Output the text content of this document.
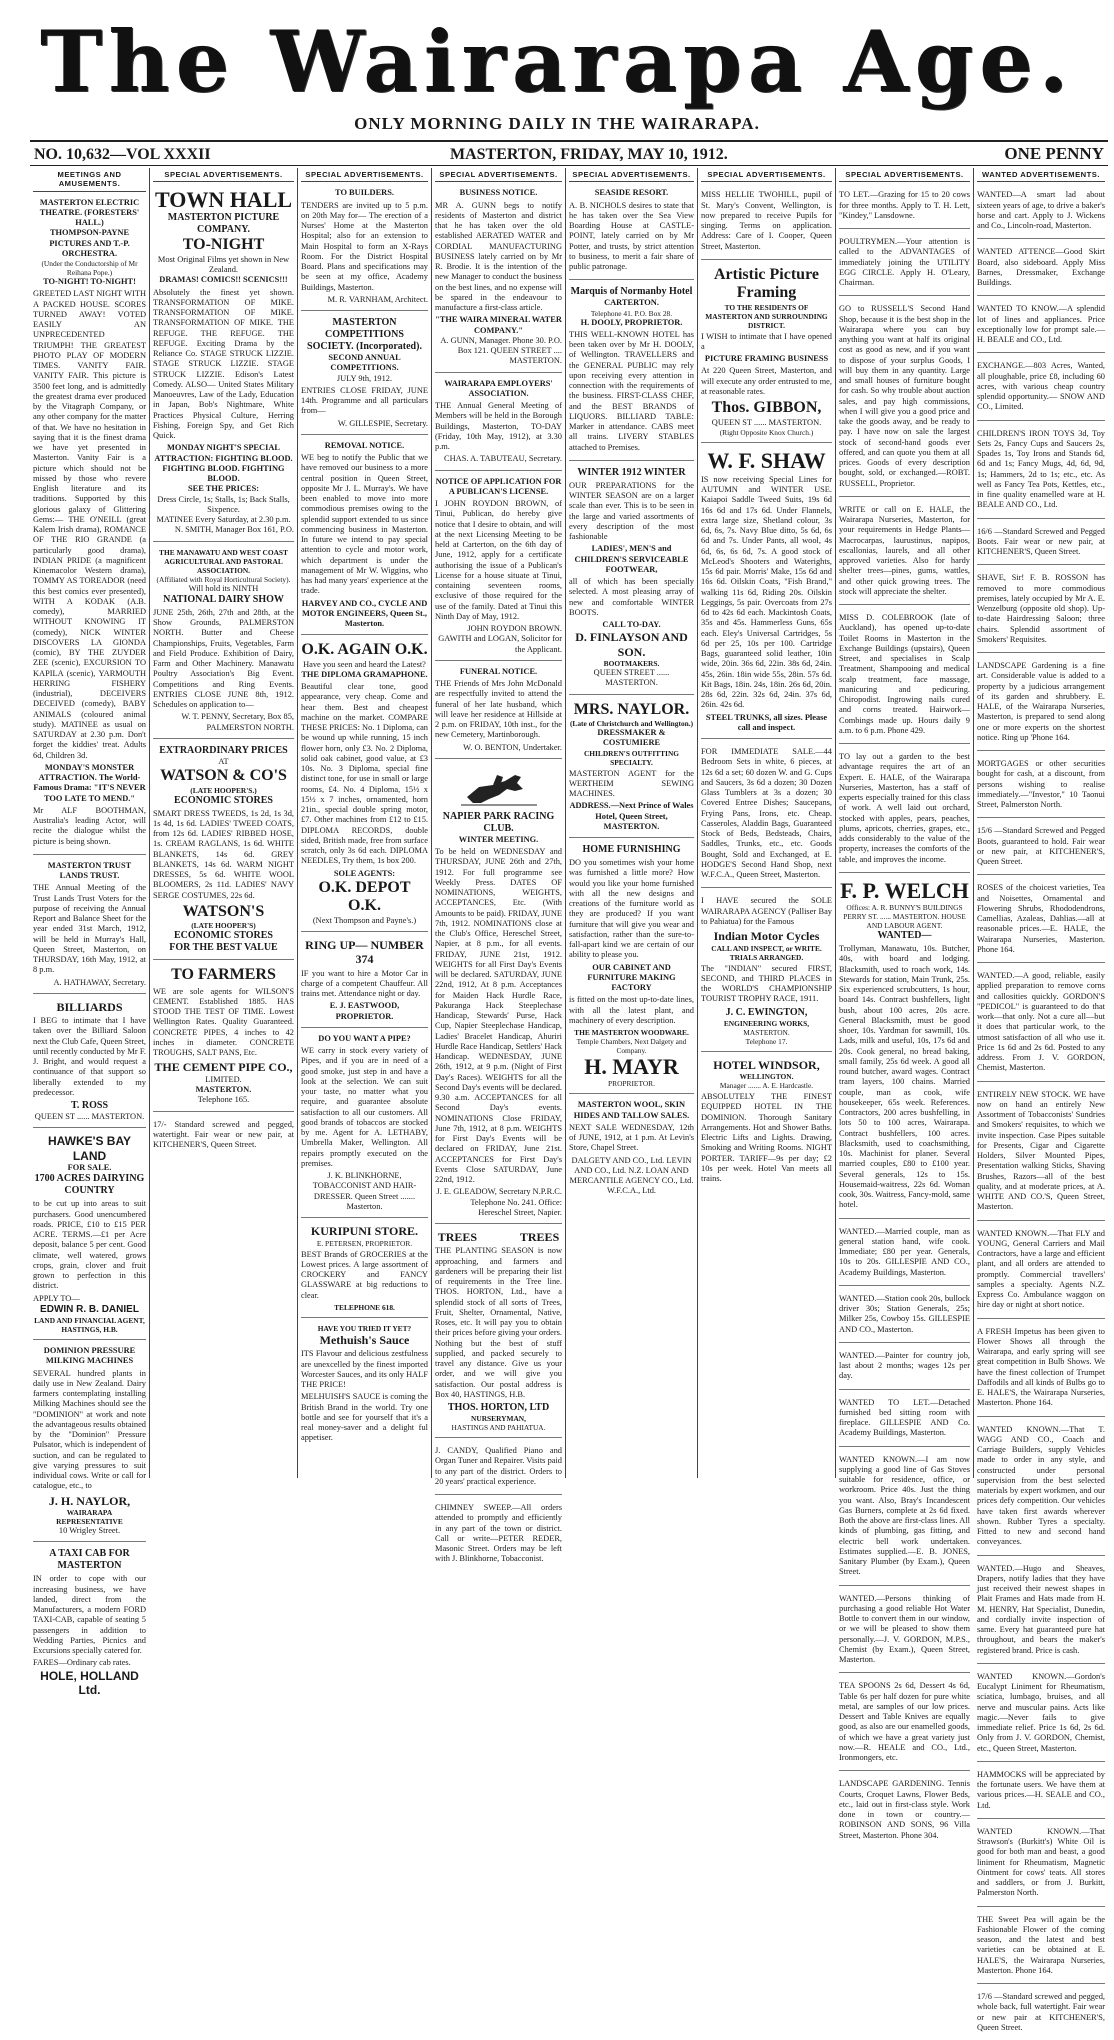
The Wairarapa Age.
ONLY MORNING DAILY IN THE WAIRARAPA.
NO. 10,632—VOL XXXII	MASTERTON, FRIDAY, MAY 10, 1912.	ONE PENNY
MEETINGS AND AMUSEMENTS.
MASTERTON ELECTRIC THEATRE. (FORESTERS' HALL.)
THOMPSON-PAYNE PICTURES AND T.-P. ORCHESTRA.
(Under the Conductorship of Mr Reihana Pope.)
TO-NIGHT! TO-NIGHT!
GREETED LAST NIGHT WITH A PACKED HOUSE. SCORES TURNED AWAY! VOTED EASILY AN UNPRECEDENTED TRIUMPH! THE GREATEST PHOTO PLAY OF MODERN TIMES. VANITY FAIR. VANITY FAIR. This picture is 3500 feet long, and is admittedly the greatest drama ever produced by the Vitagraph Company, or any other company for the matter of that. We have no hesitation in saying that it is the finest drama we have yet presented in Masterton. Vanity Fair is a picture which should not be missed by those who revere English literature and its traditions. Supported by this glorious galaxy of Glittering Gems:— THE O'NEILL (great Kalem Irish drama), ROMANCE OF THE RIO GRANDE (a particularly good drama), INDIAN PRIDE (a magnificent Kinemacolor Western drama), TOMMY AS TOREADOR (need this best comics ever presented), WITH A KODAK (A.B. comedy), MARRIED WITHOUT KNOWING IT (comedy), NICK WINTER DISCOVERS LA GIONDA (comic), BY THE ZUYDER ZEE (scenic), EXCURSION TO KAPILA (scenic), YARMOUTH HERRING FISHERY (industrial), DECEIVERS DECEIVED (comedy), BABY ANIMALS (coloured animal study). MATINEE as usual on SATURDAY at 2.30 p.m. Don't forget the kiddies' treat. Adults 6d, Children 3d.
MONDAY'S MONSTER ATTRACTION. The World-Famous Drama: "IT'S NEVER TOO LATE TO MEND."
Mr ALF BOOTHMAN, Australia's leading Actor, will recite the dialogue whilst the picture is being shown.
MASTERTON TRUST LANDS TRUST.
THE Annual Meeting of the Trust Lands Trust Voters for the purpose of receiving the Annual Report and Balance Sheet for the year ended 31st March, 1912, will be held in Murray's Hall, Queen Street, Masterton, on THURSDAY, 16th May, 1912, at 8 p.m.
A. HATHAWAY, Secretary.
BILLIARDS
I BEG to intimate that I have taken over the Billiard Saloon next the Club Cafe, Queen Street, until recently conducted by Mr F. J. Bright, and would request a continuance of that support so liberally extended to my predecessor.
T. ROSS
QUEEN ST ...... MASTERTON.
HAWKE'S BAY LAND
FOR SALE.
1700 ACRES DAIRYING COUNTRY
to be cut up into areas to suit purchasers. Good unencumbered roads. PRICE, £10 to £15 PER ACRE. TERMS.—£1 per Acre deposit, balance 5 per cent. Good climate, well watered, grows crops, grain, clover and fruit grown to perfection in this district.
APPLY TO—
EDWIN R. B. DANIEL
LAND AND FINANCIAL AGENT,
HASTINGS, H.B.
DOMINION PRESSURE MILKING MACHINES
SEVERAL hundred plants in daily use in New Zealand. Dairy farmers contemplating installing Milking Machines should see the "DOMINION" at work and note the advantageous results obtained by the "Dominion" Pressure Pulsator, which is independent of suction, and can be regulated to give varying pressures to suit individual cows. Write or call for catalogue, etc., to
J. H. NAYLOR,
WAIRARAPA REPRESENTATIVE
10 Wrigley Street.
A TAXI CAB FOR MASTERTON
IN order to cope with our increasing business, we have landed, direct from the Manufacturers, a modern FORD TAXI-CAB, capable of seating 5 passengers in addition to Wedding Parties, Picnics and Excursions specially catered for.
FARES—Ordinary cab rates.
HOLE, HOLLAND Ltd.
SPECIAL ADVERTISEMENTS.
TOWN HALL
MASTERTON PICTURE COMPANY.
TO-NIGHT
Most Original Films yet shown in New Zealand.
DRAMAS! COMICS!! SCENICS!!!
Absolutely the finest yet shown. TRANSFORMATION OF MIKE. TRANSFORMATION OF MIKE. TRANSFORMATION OF MIKE. THE REFUGE. THE REFUGE. THE REFUGE. Exciting Drama by the Reliance Co. STAGE STRUCK LIZZIE. STAGE STRUCK LIZZIE. STAGE STRUCK LIZZIE. Edison's Latest Comedy. ALSO— United States Military Manoeuvres, Law of the Lady, Education in Japan, Bob's Nightmare, White Practices Physical Culture, Herring Fishing, Foreign Spy, and Get Rich Quick.
MONDAY NIGHT'S SPECIAL ATTRACTION: FIGHTING BLOOD. FIGHTING BLOOD. FIGHTING BLOOD.
SEE THE PRICES:
Dress Circle, 1s; Stalls, 1s; Back Stalls, Sixpence.
MATINEE Every Saturday, at 2.30 p.m.
N. SMITH, Manager Box 161, P.O.
THE MANAWATU AND WEST COAST AGRICULTURAL AND PASTORAL ASSOCIATION.
(Affiliated with Royal Horticultural Society).
Will hold its NINTH
NATIONAL DAIRY SHOW
JUNE 25th, 26th, 27th and 28th, at the Show Grounds, PALMERSTON NORTH. Butter and Cheese Championships, Fruits, Vegetables, Farm and Field Produce. Exhibition of Dairy, Farm and Other Machinery. Manawatu Poultry Association's Big Event. Competitions and Ring Events. ENTRIES CLOSE JUNE 8th, 1912. Schedules on application to—
W. T. PENNY, Secretary, Box 85, PALMERSTON NORTH.
EXTRAORDINARY PRICES
AT
WATSON & CO'S
(LATE HOOPER'S.)
ECONOMIC STORES
SMART DRESS TWEEDS, 1s 2d, 1s 3d, 1s 4d, 1s 6d. LADIES' TWEED COATS, from 12s 6d. LADIES' RIBBED HOSE, 1s. CREAM RAGLANS, 1s 6d. WHITE BLANKETS, 14s 6d. GREY BLANKETS, 14s 6d. WARM NIGHT DRESSES, 5s 6d. WHITE WOOL BLOOMERS, 2s 11d. LADIES' NAVY SERGE COSTUMES, 22s 6d.
WATSON'S
(LATE HOOPER'S)
ECONOMIC STORES
FOR THE BEST VALUE
TO FARMERS
WE are sole agents for WILSON'S CEMENT. Established 1885. HAS STOOD THE TEST OF TIME. Lowest Wellington Rates. Quality Guaranteed. CONCRETE PIPES, 4 inches to 42 inches in diameter. CONCRETE TROUGHS, SALT PANS, Etc.
THE CEMENT PIPE CO.,
LIMITED.
MASTERTON.
Telephone 165.
17/- Standard screwed and pegged, watertight. Fair wear or new pair, at KITCHENER'S, Queen Street.
SPECIAL ADVERTISEMENTS.
TO BUILDERS.
TENDERS are invited up to 5 p.m. on 20th May for— The erection of a Nurses' Home at the Masterton Hospital; also for an extension to Main Hospital to form an X-Rays Room. For the District Hospital Board. Plans and specifications may be seen at my office, Academy Buildings, Masterton.
M. R. VARNHAM, Architect.
MASTERTON COMPETITIONS SOCIETY. (Incorporated).
SECOND ANNUAL COMPETITIONS.
JULY 9th, 1912.
ENTRIES CLOSE FRIDAY, JUNE 14th. Programme and all particulars from—
W. GILLESPIE, Secretary.
REMOVAL NOTICE.
WE beg to notify the Public that we have removed our business to a more central position in Queen Street, opposite Mr J. L. Murray's. We have been enabled to move into more commodious premises owing to the splendid support extended to us since commencing business in Masterton. In future we intend to pay special attention to cycle and motor work, which department is under the management of Mr W. Wiggins, who has had many years' experience at the trade.
HARVEY AND CO., CYCLE AND MOTOR ENGINEERS, Queen St., Masterton.
O.K. AGAIN O.K.
Have you seen and heard the Latest?
THE DIPLOMA GRAMAPHONE.
Beautiful clear tone, good appearance, very cheap. Come and hear them. Best and cheapest machine on the market. COMPARE THESE PRICES: No. 1 Diploma, can be wound up while running, 15 inch flower horn, only £3. No. 2 Diploma, solid oak cabinet, good value, at £3 10s. No. 3 Diploma, special fine distinct tone, for use in small or large rooms, £4. No. 4 Diploma, 15½ x 15½ x 7 inches, ornamented, horn 21in., special double spring motor, £7. Other machines from £12 to £15. DIPLOMA RECORDS, double sided, British made, free from surface scratch, only 3s 6d each. DIPLOMA NEEDLES, Try them, 1s box 200.
SOLE AGENTS:
O.K. DEPOT O.K.
(Next Thompson and Payne's.)
RING UP— NUMBER 374
IF you want to hire a Motor Car in charge of a competent Chauffeur. All trains met. Attendance night or day.
E. J. EASTWOOD, PROPRIETOR.
DO YOU WANT A PIPE?
WE carry in stock every variety of Pipes, and if you are in need of a good smoke, just step in and have a look at the selection. We can suit your taste, no matter what you require, and guarantee absolute satisfaction to all our customers. All good brands of tobaccos are stocked by me. Agent for A. LETHABY, Umbrella Maker, Wellington. All repairs promptly executed on the premises.
J. K. BLINKHORNE, TOBACCONIST AND HAIR-DRESSER. Queen Street ....... Masterton.
KURIPUNI STORE.
E. PETERSEN, PROPRIETOR.
BEST Brands of GROCERIES at the Lowest prices. A large assortment of CROCKERY and FANCY GLASSWARE at big reductions to clear.
TELEPHONE 618.
HAVE YOU TRIED IT YET?
Methuish's Sauce
ITS Flavour and delicious zestfulness are unexcelled by the finest imported Worcester Sauces, and its only HALF THE PRICE!
MELHUISH'S SAUCE is coming the British Brand in the world. Try one bottle and see for yourself that it's a real money-saver and a delight ful appetiser.
SPECIAL ADVERTISEMENTS.
BUSINESS NOTICE.
MR A. GUNN begs to notify residents of Masterton and district that he has taken over the old established AERATED WATER and CORDIAL MANUFACTURING BUSINESS lately carried on by Mr R. Brodie. It is the intention of the new Manager to conduct the business on the best lines, and no expense will be spared in the endeavour to manufacture a first-class article.
"THE WAIRA MINERAL WATER COMPANY."
A. GUNN, Manager. Phone 30. P.O. Box 121. QUEEN STREET .... MASTERTON.
WAIRARAPA EMPLOYERS' ASSOCIATION.
THE Annual General Meeting of Members will be held in the Borough Buildings, Masterton, TO-DAY (Friday, 10th May, 1912), at 3.30 p.m.
CHAS. A. TABUTEAU, Secretary.
NOTICE OF APPLICATION FOR A PUBLICAN'S LICENSE.
I JOHN ROYDON BROWN, of Tinui, Publican, do hereby give notice that I desire to obtain, and will at the next Licensing Meeting to be held at Carterton, on the 6th day of June, 1912, apply for a certificate authorising the issue of a Publican's License for a house situate at Tinui, containing seventeen rooms, exclusive of those required for the use of the family. Dated at Tinui this Ninth Day of May, 1912.
JOHN ROYDON BROWN. GAWITH and LOGAN, Solicitor for the Applicant.
FUNERAL NOTICE.
THE Friends of Mrs John McDonald are respectfully invited to attend the funeral of her late husband, which will leave her residence at Hillside at 2 p.m. on FRIDAY, 10th inst., for the new Cemetery, Martinborough.
W. O. BENTON, Undertaker.
NAPIER PARK RACING CLUB.
WINTER MEETING.
To be held on WEDNESDAY and THURSDAY, JUNE 26th and 27th, 1912. For full programme see Weekly Press. DATES OF NOMINATIONS, WEIGHTS, ACCEPTANCES, Etc. (With Amounts to be paid). FRIDAY, JUNE 7th, 1912. NOMINATIONS close at the Club's Office, Hereschel Street, Napier, at 8 p.m., for all events. FRIDAY, JUNE 21st, 1912. WEIGHTS for all First Day's Events will be declared. SATURDAY, JUNE 22nd, 1912, At 8 p.m. Acceptances for Maiden Hack Hurdle Race, Pakuranga Hack Steeplechase Handicap, Stewards' Purse, Hack Cup, Napier Steeplechase Handicap, Ladies' Bracelet Handicap, Ahuriri Hurdle Race Handicap, Settlers' Hack Handicap. WEDNESDAY, JUNE 26th, 1912, at 9 p.m. (Night of First Day's Races). WEIGHTS for all the Second Day's events will be declared. 9.30 a.m. ACCEPTANCES for all Second Day's events. NOMINATIONS Close FRIDAY, June 7th, 1912, at 8 p.m. WEIGHTS for First Day's Events will be declared on FRIDAY, June 21st. ACCEPTANCES for First Day's Events Close SATURDAY, June 22nd, 1912.
J. E. GLEADOW, Secretary N.P.R.C. Telephone No. 241. Office: Hereschel Street, Napier.
TREES TREES
THE PLANTING SEASON is now approaching, and farmers and gardeners will be preparing their list of requirements in the Tree line. THOS. HORTON, Ltd., have a splendid stock of all sorts of Trees, Fruit, Shelter, Ornamental, Native, Roses, etc. It will pay you to obtain their prices before giving your orders. Nothing but the best of stuff supplied, and packed securely to travel any distance. Give us your order, and we will give you satisfaction. Our postal address is Box 40, HASTINGS, H.B.
THOS. HORTON, LTD
NURSERYMAN,
HASTINGS AND PAHIATUA.
J. CANDY, Qualified Piano and Organ Tuner and Repairer. Visits paid to any part of the district. Orders to 20 years' practical experience.
CHIMNEY SWEEP.—All orders attended to promptly and efficiently in any part of the town or district. Call or write—PETER REDER, Masonic Street. Orders may be left with J. Blinkhorne, Tobacconist.
SPECIAL ADVERTISEMENTS.
SEASIDE RESORT.
A. B. NICHOLS desires to state that he has taken over the Sea View Boarding House at CASTLE-POINT, lately carried on by Mr Potter, and trusts, by strict attention to business, to merit a fair share of public patronage.
Marquis of Normanby Hotel
CARTERTON.
Telephone 41. P.O. Box 28.
H. DOOLY, PROPRIETOR.
THIS WELL-KNOWN HOTEL has been taken over by Mr H. DOOLY, of Wellington. TRAVELLERS and the GENERAL PUBLIC may rely upon receiving every attention in connection with the requirements of the business. FIRST-CLASS CHEF, and the BEST BRANDS of LIQUORS. BILLIARD TABLE: Marker in attendance. CABS meet all trains. LIVERY STABLES attached to Premises.
WINTER 1912 WINTER
OUR PREPARATIONS for the WINTER SEASON are on a larger scale than ever. This is to be seen in the large and varied assortments of every description of the most fashionable
LADIES', MEN'S and CHILDREN'S SERVICEABLE FOOTWEAR,
all of which has been specially selected. A most pleasing array of new and comfortable WINTER BOOTS.
CALL TO-DAY.
D. FINLAYSON AND SON.
BOOTMAKERS.
QUEEN STREET ...... MASTERTON.
MRS. NAYLOR.
(Late of Christchurch and Wellington.)
DRESSMAKER & COSTUMIERE
CHILDREN'S OUTFITTING SPECIALTY.
MASTERTON AGENT for the WERTHEIM SEWING MACHINES.
ADDRESS.—Next Prince of Wales Hotel, Queen Street, MASTERTON.
HOME FURNISHING
DO you sometimes wish your home was furnished a little more? How would you like your home furnished with all the new designs and creations of the furniture world as they are produced? If you want furniture that will give you wear and satisfaction, rather than the sure-to-fall-apart kind we are certain of our ability to please you.
OUR CABINET AND FURNITURE MAKING FACTORY
is fitted on the most up-to-date lines, with all the latest plant, and machinery of every description.
THE MASTERTON WOODWARE.
Temple Chambers, Next Dalgety and Company.
H. MAYR
PROPRIETOR.
MASTERTON WOOL, SKIN HIDES AND TALLOW SALES.
NEXT SALE WEDNESDAY, 12th of JUNE, 1912, at 1 p.m. At Levin's Store, Chapel Street.
DALGETY AND CO., Ltd. LEVIN AND CO., Ltd. N.Z. LOAN AND MERCANTILE AGENCY CO., Ltd. W.F.C.A., Ltd.
SPECIAL ADVERTISEMENTS.
MISS HELLIE TWOHILL, pupil of St. Mary's Convent, Wellington, is now prepared to receive Pupils for singing. Terms on application. Address: Care of I. Cooper, Queen Street, Masterton.
Artistic Picture Framing
TO THE RESIDENTS OF MASTERTON AND SURROUNDING DISTRICT.
I WISH to intimate that I have opened a
PICTURE FRAMING BUSINESS
At 220 Queen Street, Masterton, and will execute any order entrusted to me, at reasonable rates.
Thos. GIBBON,
QUEEN ST ...... MASTERTON.
(Right Opposite Knox Church.)
W. F. SHAW
IS now receiving Special Lines for AUTUMN and WINTER USE. Kaiapoi Saddle Tweed Suits, 19s 6d 16s 6d and 17s 6d. Under Flannels, extra large size, Shetland colour, 3s 6d, 6s, 7s. Navy Blue ditto, 5s 6d, 6s 6d and 7s. Under Pants, all wool, 4s 6d, 6s, 6s 6d, 7s. A good stock of McLeod's Shooters and Waterights, 15s 6d pair. Morris' Make, 15s 6d and 16s 6d. Oilskin Coats, "Fish Brand," walking 11s 6d, Riding 20s. Oilskin Leggings, 5s pair. Overcoats from 27s 6d to 42s 6d each. Mackintosh Coats, 35s and 45s. Hammerless Guns, 65s each. Eley's Universal Cartridges, 5s 6d per 25, 10s per 100. Cartridge Bags, guaranteed solid leather, 10in wide, 20in. 36s 6d, 22in. 38s 6d, 24in. 45s, 26in. 18in wide 55s, 28in. 57s 6d. Kit Bags, 18in. 24s, 18in. 26s 6d, 20in. 28s 6d, 22in. 32s 6d, 24in. 37s 6d, 26in. 42s 6d.
STEEL TRUNKS, all sizes. Please call and inspect.
FOR IMMEDIATE SALE.—44 Bedroom Sets in white, 6 pieces, at 12s 6d a set; 60 dozen W. and G. Cups and Saucers, 3s 6d a dozen; 30 Dozen Glass Tumblers at 3s a dozen; 30 Covered Entree Dishes; Saucepans, Frying Pans, Irons, etc. Cheap. Casseroles, Aladdin Bags, Guaranteed Stock of Beds, Bedsteads, Chairs, Saddles, Trunks, etc., etc. Goods Bought, Sold and Exchanged, at E. HODGE'S Second Hand Shop, next W.F.C.A., Queen Street, Masterton.
I HAVE secured the SOLE WAIRARAPA AGENCY (Palliser Bay to Pahiatua) for the Famous
Indian Motor Cycles
CALL AND INSPECT, or WRITE. TRIALS ARRANGED.
The "INDIAN" secured FIRST, SECOND, and THIRD PLACES in the WORLD'S CHAMPIONSHIP TOURIST TROPHY RACE, 1911.
J. C. EWINGTON,
ENGINEERING WORKS,
MASTERTON.
Telephone 17.
HOTEL WINDSOR,
WELLINGTON.
Manager ....... A. E. Hardcastle.
ABSOLUTELY THE FINEST EQUIPPED HOTEL IN THE DOMINION. Thorough Sanitary Arrangements. Hot and Shower Baths. Electric Lifts and Lights. Drawing, Smoking and Writing Rooms. NIGHT PORTER. TARIFF—9s per day; £2 10s per week. Hotel Van meets all trains.
SPECIAL ADVERTISEMENTS.
TO LET.—Grazing for 15 to 20 cows for three months. Apply to T. H. Lett, "Kindey," Lansdowne.
POULTRYMEN.—Your attention is called to the ADVANTAGES of immediately joining the UTILITY EGG CIRCLE. Apply H. O'Leary, Chairman.
GO to RUSSELL'S Second Hand Shop, because it is the best shop in the Wairarapa where you can buy anything you want at half its original cost as good as new, and if you want to dispose of your surplus Goods, I will buy them in any quantity. Large and small houses of furniture bought for cash. So why trouble about auction sales, and pay high commissions, when I will give you a good price and take the goods away, and be ready to pay. I have now on sale the largest stock of second-hand goods ever offered, and can quote you them at all prices. Goods of every description bought, sold, or exchanged.—ROBT. RUSSELL, Proprietor.
WRITE or call on E. HALE, the Wairarapa Nurseries, Masterton, for your requirements in Hedge Plants—Macrocarpas, laurustinus, napipos, escallonias, laurels, and all other approved varieties. Also for hardy shelter trees—pines, gums, wattles, and other quick growing trees. The stock will appreciate the shelter.
MISS D. COLEBROOK (late of Auckland), has opened up-to-date Toilet Rooms in Masterton in the Exchange Buildings (upstairs), Queen Street, and specialises in Scalp Treatment, Shampooing and medical scalp treatment, face massage, manicuring and pedicuring. Chiropodist. Ingrowing nails cured and corns treated. Hairwork—Combings made up. Hours daily 9 a.m. to 6 p.m. Phone 429.
TO lay out a garden to the best advantage requires the art of an Expert. E. HALE, of the Wairarapa Nurseries, Masterton, has a staff of experts especially trained for this class of work. A well laid out orchard, stocked with apples, pears, peaches, plums, apricots, cherries, grapes, etc., adds considerably to the value of the property, increases the comforts of the table, and improves the income.
F. P. WELCH
Offices: A. R. BUNNY'S BUILDINGS PERRY ST. ...... MASTERTON. HOUSE AND LABOUR AGENT.
WANTED—
Trollyman, Manawatu, 10s. Butcher, 40s, with board and lodging. Blacksmith, used to roach work, 14s. Stewards for station, Main Trunk, 25s. Six experienced scrubcutters, 1s hour, board 14s. Contract bushfellers, light bush, about 100 acres, 20s acre. General Blacksmith, must be good shoer, 10s. Yardman for sawmill, 10s. Lads, milk and useful, 10s, 17s 6d and 20s. Cook general, no bread baking, small family, 25s 6d week. A good all round butcher, award wages. Contract tram layers, 100 chains. Married couple, man as cook, wife housekeeper, 65s week. References. Contractors, 200 acres bushfelling, in lots 50 to 100 acres, Wairarapa. Contract bushfellers, 100 acres. Blacksmith, used to coachsmithing, 10s. Machinist for planer. Several married couples, £80 to £100 year. Several generals, 12s to 15s. Housemaid-waitress, 22s 6d. Woman cook, 30s. Waitress, Fancy-mold, same hotel.
WANTED.—Married couple, man as general station hand, wife cook. Immediate; £80 per year. Generals, 10s to 20s. GILLESPIE AND CO., Academy Buildings, Masterton.
WANTED.—Station cook 20s, bullock driver 30s; Station Generals, 25s; Milker 25s, Cowboy 15s. GILLESPIE AND CO., Masterton.
WANTED.—Painter for country job, last about 2 months; wages 12s per day.
WANTED TO LET.—Detached furnished bed sitting room with fireplace. GILLESPIE AND Co. Academy Buildings, Masterton.
WANTED KNOWN.—I am now supplying a good line of Gas Stoves suitable for residence, office, or workroom. Price 40s. Just the thing you want. Also, Bray's Incandescent Gas Burners, complete at 2s 6d fixed. Both the above are first-class lines. All kinds of plumbing, gas fitting, and electric bell work undertaken. Estimates supplied.—E. B. JONES, Sanitary Plumber (by Exam.), Queen Street.
WANTED.—Persons thinking of purchasing a good reliable Hot Water Bottle to convert them in our window, or we will be pleased to show them personally.—J. V. GORDON, M.P.S., Chemist (by Exam.), Queen Street, Masterton.
TEA SPOONS 2s 6d, Dessert 4s 6d, Table 6s per half dozen for pure white metal, are samples of our low prices. Dessert and Table Knives are equally good, as also are our enamelled goods, of which we have a great variety just now.—R. HEALE and CO., Ltd., Ironmongers, etc.
LANDSCAPE GARDENING. Tennis Courts, Croquet Lawns, Flower Beds, etc., laid out in first-class style. Work done in town or country.—ROBINSON AND SONS, 96 Villa Street, Masterton. Phone 304.
WANTED ADVERTISEMENTS.
WANTED—A smart lad about sixteen years of age, to drive a baker's horse and cart. Apply to J. Wickens and Co., Lincoln-road, Masterton.
WANTED ATTENCE—Good Skirt Board, also sideboard. Apply Miss Barnes, Dressmaker, Exchange Buildings.
WANTED TO KNOW.—A splendid lot of lines and appliances. Price exceptionally low for prompt sale.—H. BEALE and CO., Ltd.
EXCHANGE.—803 Acres, Wanted, all ploughable, price £8, including 60 acres, with various cheap country splendid opportunity.— SNOW AND CO., Limited.
CHILDREN'S IRON TOYS 3d, Toy Sets 2s, Fancy Cups and Saucers 2s, Spades 1s, Toy Irons and Stands 6d, 6d and 1s; Fancy Mugs, 4d, 6d, 9d, 1s; Hammers, 2d to 1s; etc., etc. As well as Fancy Tea Pots, Kettles, etc., in fine quality enamelled ware at H. BEALE AND CO., Ltd.
16/6 —Standard Screwed and Pegged Boots. Fair wear or new pair, at KITCHENER'S, Queen Street.
SHAVE, Sir! F. B. ROSSON has removed to more commodious premises, lately occupied by Mr A. E. Wenzelburg (opposite old shop). Up-to-date Hairdressing Saloon; three chairs. Splendid assortment of Smokers' Requisites.
LANDSCAPE Gardening is a fine art. Considerable value is added to a property by a judicious arrangement of its garden and shrubbery. E. HALE, of the Wairarapa Nurseries, Masterton, is prepared to send along one or more experts on the shortest notice. Ring up 'Phone 164.
MORTGAGES or other securities bought for cash, at a discount, from persons wishing to realise immediately.—"Investor," 10 Taonui Street, Palmerston North.
15/6 —Standard Screwed and Pegged Boots, guaranteed to hold. Fair wear or new pair, at KITCHENER'S, Queen Street.
ROSES of the choicest varieties, Tea and Noisettes, Ornamental and Flowering Shrubs, Rhododendrons, Camellias, Azaleas, Dahlias.—all at reasonable prices.—E. HALE, the Wairarapa Nurseries, Masterton. Phone 164.
WANTED.—A good, reliable, easily applied preparation to remove corns and callosities quickly. GORDON'S "PEDICOL" is guaranteed to do that work—that only. Not a cure all—but it does that particular work, to the utmost satisfaction of all who use it. Price 1s 6d and 2s 6d. Posted to any address. From J. V. GORDON, Chemist, Masterton.
ENTIRELY NEW STOCK. WE have now on hand an entirely New Assortment of Tobacconists' Sundries and Smokers' requisites, to which we invite inspection. Case Pipes suitable for Presents, Cigar and Cigarette Holders, Silver Mounted Pipes, Presentation walking Sticks, Shaving Brushes, Razors—all of the best quality, and at moderate prices, at A. WHITE AND CO.'S, Queen Street, Masterton.
WANTED KNOWN.—That FLY and YOUNG, General Carriers and Mail Contractors, have a large and efficient plant, and all orders are attended to promptly. Commercial travellers' samples a specialty. Agents N.Z. Express Co. Ambulance waggon on hire day or night at short notice.
A FRESH Impetus has been given to Flower Shows all through the Wairarapa, and early spring will see great competition in Bulb Shows. We have the finest collection of Trumpet Daffodils and all kinds of Bulbs go to E. HALE'S, the Wairarapa Nurseries, Masterton. Phone 164.
WANTED KNOWN.—That T. WAGG AND CO., Coach and Carriage Builders, supply Vehicles made to order in any style, and constructed under personal supervision from the best selected materials by expert workmen, and our prices defy competition. Our vehicles have taken first awards wherever shown. Rubber Tyres a specialty. Fitted to new and second hand conveyances.
WANTED.—Hugo and Sheaves, Drapers, notify ladies that they have just received their newest shapes in Plait Frames and Hats made from H. M. HENRY, Hat Specialist, Dunedin, and cordially invite inspection of same. Every hat guaranteed pure hat throughout, and bears the maker's registered brand. Price is cash.
WANTED KNOWN.—Gordon's Eucalypt Liniment for Rheumatism, sciatica, lumbago, bruises, and all nerve and muscular pains. Acts like magic.—Never fails to give immediate relief. Price 1s 6d, 2s 6d. Only from J. V. GORDON, Chemist, etc., Queen Street, Masterton.
HAMMOCKS will be appreciated by the fortunate users. We have them at various prices.—H. SEALE and CO., Ltd.
WANTED KNOWN.—That Strawson's (Burkitt's) White Oil is good for both man and beast, a good liniment for Rheumatism, Magnetic Ointment for cows' teats. All stores and saddlers, or from J. Burkitt, Palmerston North.
THE Sweet Pea will again be the Fashionable Flower of the coming season, and the latest and best varieties can be obtained at E. HALE'S, the Wairarapa Nurseries, Masterton. Phone 164.
17/6 —Standard screwed and pegged, whole back, full watertight. Fair wear or new pair at KITCHENER'S, Queen Street.
